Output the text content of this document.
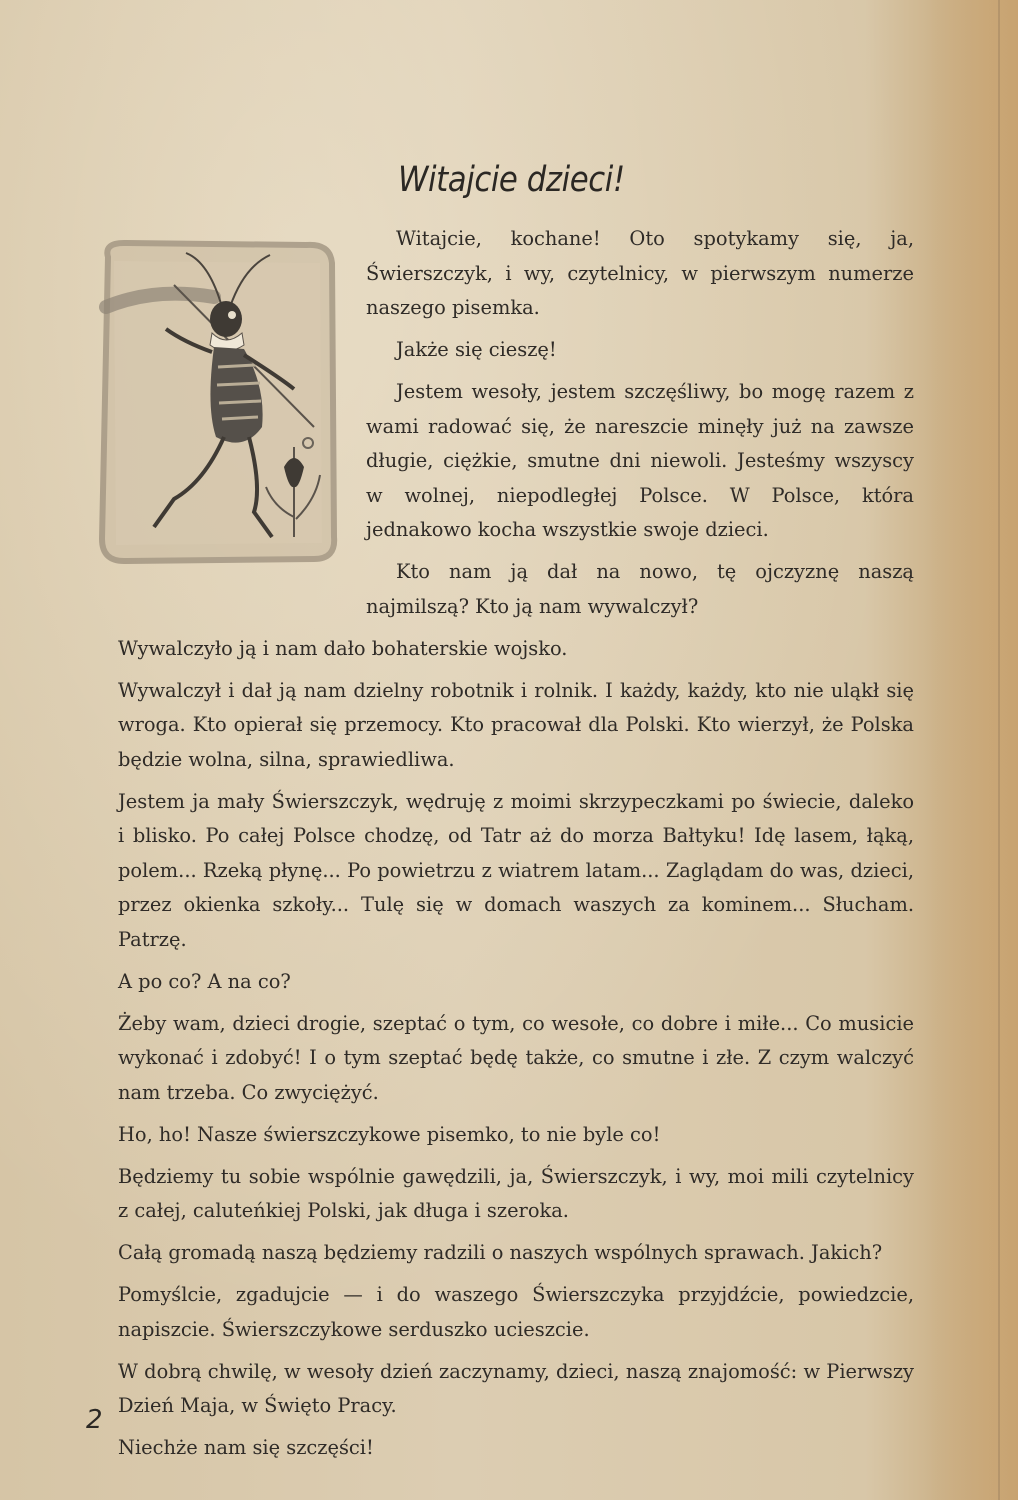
Witajcie dzieci!

Witajcie, kochane! Oto spotykamy się, ja, Świerszczyk, i wy, czytelnicy, w pierwszym numerze naszego pisemka.

Jakże się cieszę!

Jestem wesoły, jestem szczęśliwy, bo mogę razem z wami radować się, że nareszcie minęły już na zawsze długie, ciężkie, smutne dni niewoli. Jesteśmy wszyscy w wolnej, niepodległej Polsce. W Polsce, która jednakowo kocha wszystkie swoje dzieci.

Kto nam ją dał na nowo, tę ojczyznę naszą najmilszą? Kto ją nam wywalczył?

Wywalczyło ją i nam dało bohaterskie wojsko.

Wywalczył i dał ją nam dzielny robotnik i rolnik. I każdy, każdy, kto nie uląkł się wroga. Kto opierał się przemocy. Kto pracował dla Polski. Kto wierzył, że Polska będzie wolna, silna, sprawiedliwa.

Jestem ja mały Świerszczyk, wędruję z moimi skrzypeczkami po świecie, daleko i blisko. Po całej Polsce chodzę, od Tatr aż do morza Bałtyku! Idę lasem, łąką, polem... Rzeką płynę... Po powietrzu z wiatrem latam... Zaglądam do was, dzieci, przez okienka szkoły... Tulę się w domach waszych za kominem... Słucham. Patrzę.

A po co? A na co?

Żeby wam, dzieci drogie, szeptać o tym, co wesołe, co dobre i miłe... Co musicie wykonać i zdobyć! I o tym szeptać będę także, co smutne i złe. Z czym walczyć nam trzeba. Co zwyciężyć.

Ho, ho! Nasze świerszczykowe pisemko, to nie byle co!

Będziemy tu sobie wspólnie gawędzili, ja, Świerszczyk, i wy, moi mili czytelnicy z całej, caluteńkiej Polski, jak długa i szeroka.

Całą gromadą naszą będziemy radzili o naszych wspólnych sprawach. Jakich?

Pomyślcie, zgadujcie — i do waszego Świerszczyka przyjdźcie, powiedzcie, napiszcie. Świerszczykowe serduszko ucieszcie.

W dobrą chwilę, w wesoły dzień zaczynamy, dzieci, naszą znajomość: w Pierwszy Dzień Maja, w Święto Pracy.

Niechże nam się szczęści!

2
